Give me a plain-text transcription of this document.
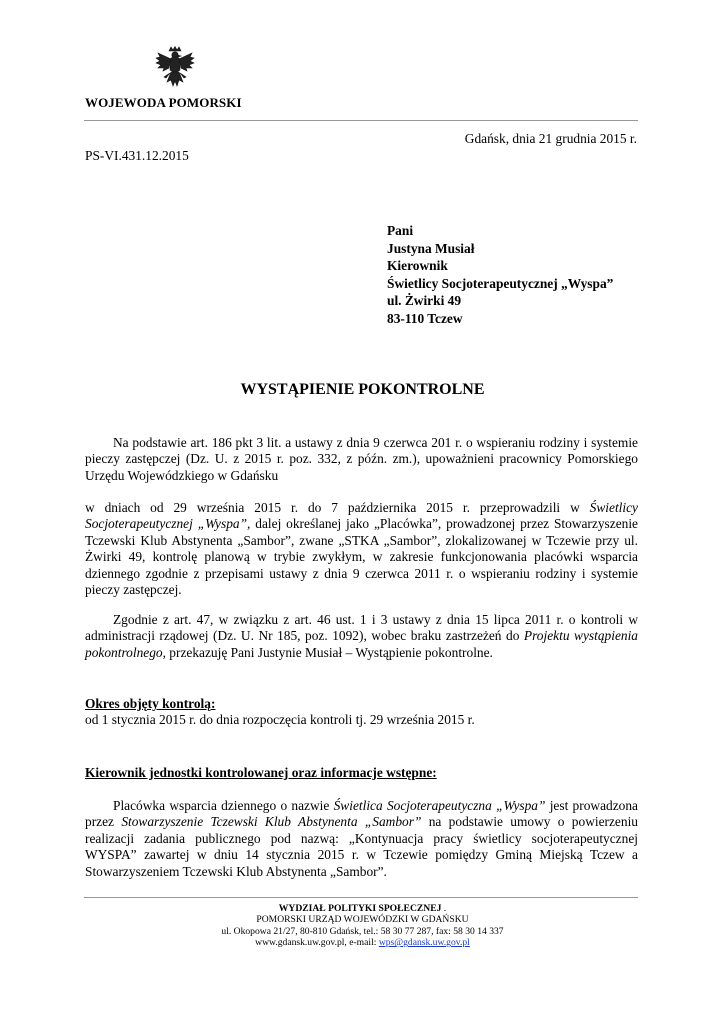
WOJEWODA POMORSKI
Gdańsk, dnia 21 grudnia 2015 r.
PS-VI.431.12.2015
Pani
Justyna Musiał
Kierownik
Świetlicy Socjoterapeutycznej „Wyspa”
ul. Żwirki 49
83-110 Tczew
WYSTĄPIENIE POKONTROLNE
Na podstawie art. 186 pkt 3 lit. a ustawy z dnia 9 czerwca 201 r. o wspieraniu rodziny i systemie pieczy zastępczej (Dz. U. z 2015 r. poz. 332, z późn. zm.), upoważnieni pracownicy Pomorskiego Urzędu Wojewódzkiego w Gdańsku
w dniach od 29 września 2015 r. do 7 października 2015 r. przeprowadzili w Świetlicy Socjoterapeutycznej „Wyspa”, dalej określanej jako „Placówka”, prowadzonej przez Stowarzyszenie Tczewski Klub Abstynenta „Sambor”, zwane „STKA „Sambor”, zlokalizowanej w Tczewie przy ul. Żwirki 49, kontrolę planową w trybie zwykłym, w zakresie funkcjonowania placówki wsparcia dziennego zgodnie z przepisami ustawy z dnia 9 czerwca 2011 r. o wspieraniu rodziny i systemie pieczy zastępczej.
Zgodnie z art. 47, w związku z art. 46 ust. 1 i 3 ustawy z dnia 15 lipca 2011 r. o kontroli w administracji rządowej (Dz. U. Nr 185, poz. 1092), wobec braku zastrzeżeń do Projektu wystąpienia pokontrolnego, przekazuję Pani Justynie Musiał – Wystąpienie pokontrolne.
Okres objęty kontrolą:
od 1 stycznia 2015 r. do dnia rozpoczęcia kontroli tj. 29 września 2015 r.
Kierownik jednostki kontrolowanej oraz informacje wstępne:
Placówka wsparcia dziennego o nazwie Świetlica Socjoterapeutyczna „Wyspa” jest prowadzona przez Stowarzyszenie Tczewski Klub Abstynenta „Sambor” na podstawie umowy o powierzeniu realizacji zadania publicznego pod nazwą: „Kontynuacja pracy świetlicy socjoterapeutycznej WYSPA” zawartej w dniu 14 stycznia 2015 r. w Tczewie pomiędzy Gminą Miejską Tczew a Stowarzyszeniem Tczewski Klub Abstynenta „Sambor”.
WYDZIAŁ POLITYKI SPOŁECZNEJ .
POMORSKI URZĄD WOJEWÓDZKI W GDAŃSKU
ul. Okopowa 21/27, 80-810 Gdańsk, tel.: 58 30 77 287, fax: 58 30 14 337
www.gdansk.uw.gov.pl, e-mail: wps@gdansk.uw.gov.pl
